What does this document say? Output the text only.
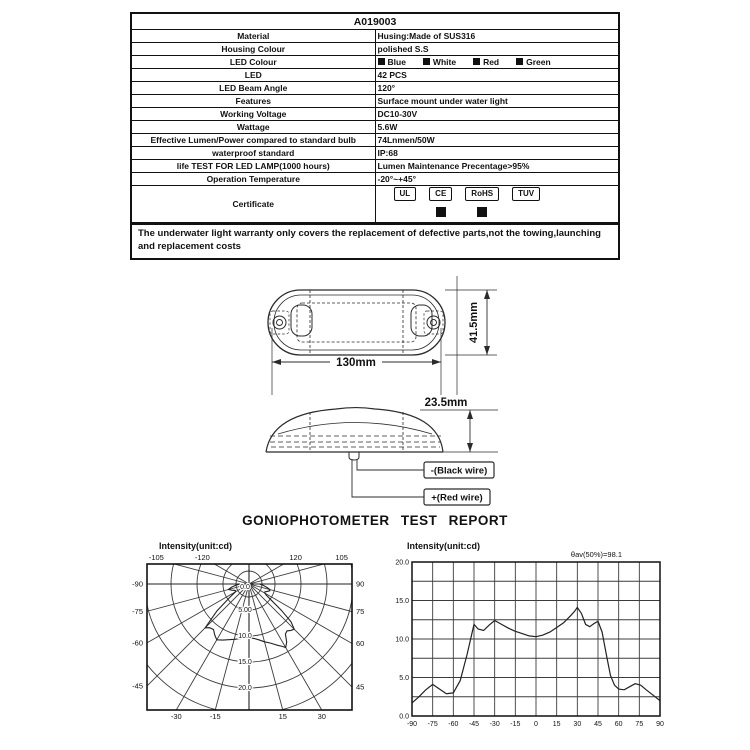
A019003	
Material	Husing:Made of SUS316
Housing Colour	polished S.S
LED Colour	Blue White Red Green
LED	42 PCS
LED Beam Angle	120°
Features	Surface mount under water light
Working Voltage	DC10-30V
Wattage	5.6W
Effective Lumen/Power compared to standard bulb	74Lnmen/50W
waterproof standard	IP:68
life TEST FOR LED LAMP(1000 hours)	Lumen Maintenance Precentage>95%
Operation Temperature	-20°~+45°
Certificate	
UL	CE	RoHS	TUV
The underwater light warranty only covers the replacement of defective parts,not the towing,launching and replacement costs
130mm
41.5mm
23.5mm
-(Black wire)
+(Red wire)
GONIOPHOTOMETER TEST REPORT
Intensity(unit:cd)
-120
-105
-90
-75
-60
-45
-30	-15	15	30
45
60
75
90
105
120
0.0
5.00
10.0
15.0
20.0
Intensity(unit:cd)
-90 -75 -60 -45 -30 -15 0 15 30 45 60 75 90
0.0
5.0
10.0
15.0
20.0
θav(50%)=98.1
